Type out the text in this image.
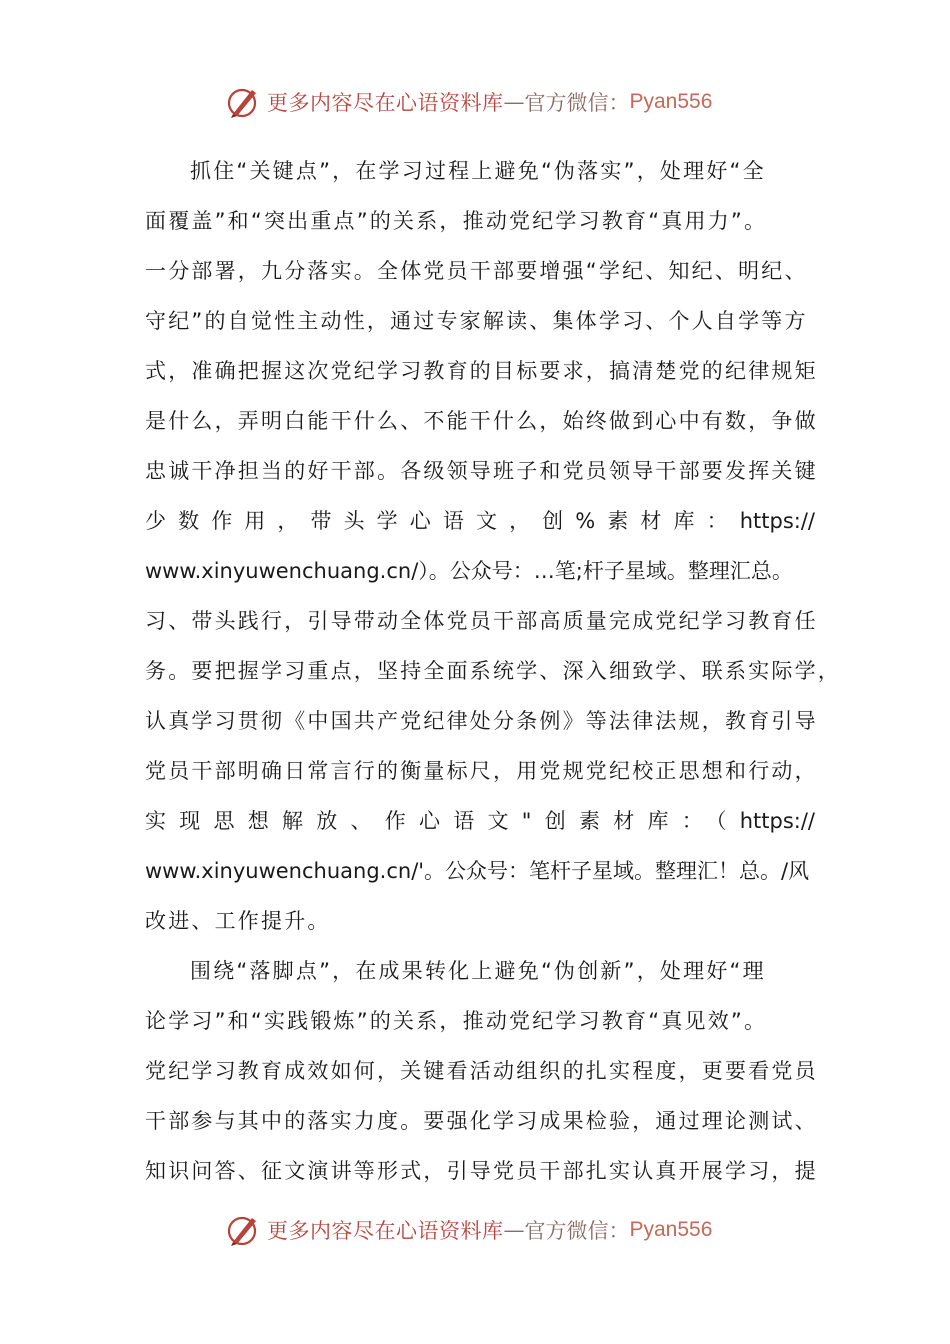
更多内容尽在心语资料库 — 官方微信： Pyan556
抓住“关键点”，在学习过程上避免“伪落实”，处理好“全
面覆盖”和“突出重点”的关系，推动党纪学习教育“真用力”。
一分部署，九分落实。全体党员干部要增强“学纪、知纪、明纪、
守纪”的自觉性主动性，通过专家解读、集体学习、个人自学等方
式，准确把握这次党纪学习教育的目标要求，搞清楚党的纪律规矩
是什么，弄明白能干什么、不能干什么，始终做到心中有数，争做
忠诚干净担当的好干部。各级领导班子和党员领导干部要发挥关键
少数作用，带头学心语文，创%素材库：https://
www.xinyuwenchuang.cn/）。公众号：…笔;杆子星域。整理汇总。
习、带头践行，引导带动全体党员干部高质量完成党纪学习教育任
务。要把握学习重点，坚持全面系统学、深入细致学、联系实际学，
认真学习贯彻《中国共产党纪律处分条例》等法律法规，教育引导
党员干部明确日常言行的衡量标尺，用党规党纪校正思想和行动，
实现思想解放、作心语文"创素材库：（https://
www.xinyuwenchuang.cn/'。公众号：笔杆子星域。整理汇！总。/风
改进、工作提升。
围绕“落脚点”，在成果转化上避免“伪创新”，处理好“理
论学习”和“实践锻炼”的关系，推动党纪学习教育“真见效”。
党纪学习教育成效如何，关键看活动组织的扎实程度，更要看党员
干部参与其中的落实力度。要强化学习成果检验，通过理论测试、
知识问答、征文演讲等形式，引导党员干部扎实认真开展学习，提
更多内容尽在心语资料库 — 官方微信： Pyan556
